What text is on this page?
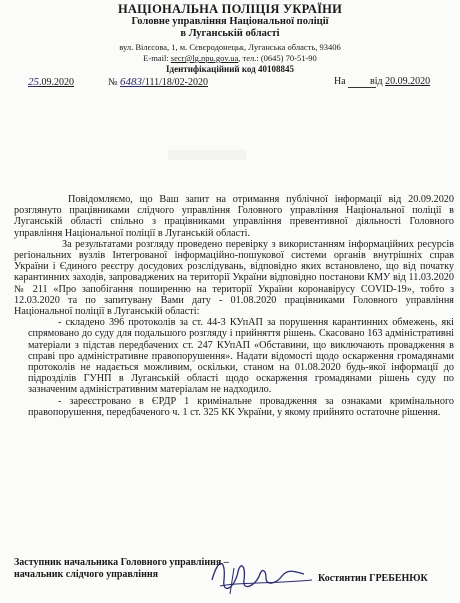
НАЦІОНАЛЬНА ПОЛІЦІЯ УКРАЇНИ
Головне управління Національної поліції
в Луганській області
вул. Вілєсова, 1, м. Сєвєродонецьк, Луганська область, 93406
E-mail: secr@lg.npu.gov.ua, тел.: (0645) 70-51-90
Ідентифікаційний код 40108845
25.09.2020	№ 6483/111/18/02-2020	На	від 20.09.2020

Повідомляємо, що Ваш запит на отримання публічної інформації від 20.09.2020 розглянуто працівниками слідчого управління Головного управління Національної поліції в Луганській області спільно з працівниками управління превентивної діяльності Головного управління Національної поліції в Луганській області.

За результатами розгляду проведено перевірку з використанням інформаційних ресурсів регіональних вузлів Інтегрованої інформаційно-пошукової системи органів внутрішніх справ України і Єдиного реєстру досудових розслідувань, відповідно яких встановлено, що від початку карантинних заходів, запроваджених на території України відповідно постанови КМУ від 11.03.2020 № 211 «Про запобігання поширенню на території України коронавірусу COVID-19», тобто з 12.03.2020 та по запитувану Вами дату - 01.08.2020 працівниками Головного управління Національної поліції в Луганській області:

- складено 396 протоколів за ст. 44-3 КУпАП за порушення карантинних обмежень, які спрямовано до суду для подальшого розгляду і прийняття рішень. Скасовано 163 адміністративні матеріали з підстав передбачених ст. 247 КУпАП «Обставини, що виключають провадження в справі про адміністративне правопорушення». Надати відомості щодо оскарження громадянами протоколів не надається можливим, оскільки, станом на 01.08.2020 будь-якої інформації до підрозділів ГУНП в Луганській області щодо оскарження громадянами рішень суду по зазначеним адміністративним матеріалам не надходило.

- зареєстровано в ЄРДР 1 кримінальне провадження за ознаками кримінального правопорушення, передбаченого ч. 1 ст. 325 КК України, у якому прийнято остаточне рішення.

Заступник начальника Головного управління –
начальник слідчого управління	Костянтин ГРЕБЕНЮК
